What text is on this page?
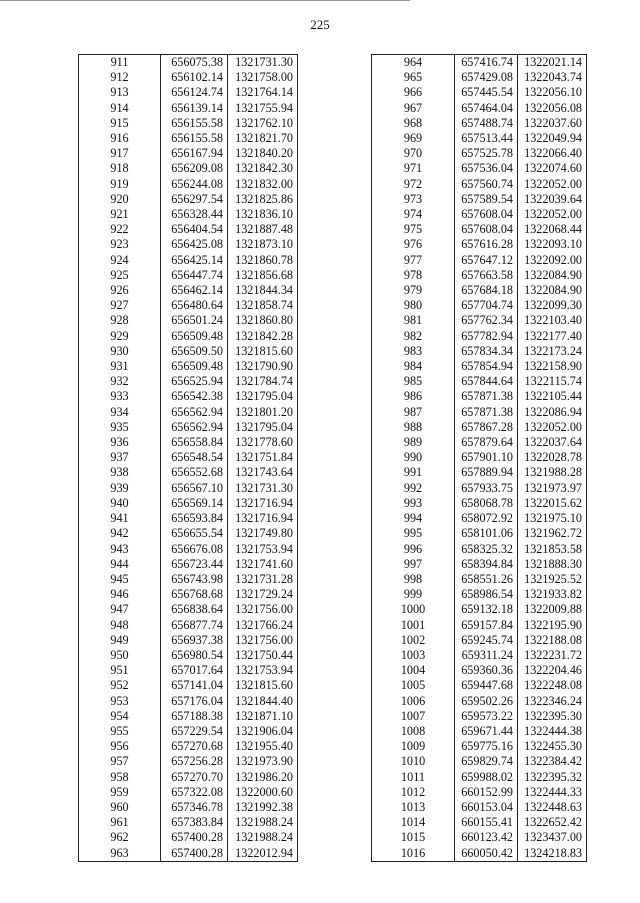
225
911	656075.38	1321731.30
912	656102.14	1321758.00
913	656124.74	1321764.14
914	656139.14	1321755.94
915	656155.58	1321762.10
916	656155.58	1321821.70
917	656167.94	1321840.20
918	656209.08	1321842.30
919	656244.08	1321832.00
920	656297.54	1321825.86
921	656328.44	1321836.10
922	656404.54	1321887.48
923	656425.08	1321873.10
924	656425.14	1321860.78
925	656447.74	1321856.68
926	656462.14	1321844.34
927	656480.64	1321858.74
928	656501.24	1321860.80
929	656509.48	1321842.28
930	656509.50	1321815.60
931	656509.48	1321790.90
932	656525.94	1321784.74
933	656542.38	1321795.04
934	656562.94	1321801.20
935	656562.94	1321795.04
936	656558.84	1321778.60
937	656548.54	1321751.84
938	656552.68	1321743.64
939	656567.10	1321731.30
940	656569.14	1321716.94
941	656593.84	1321716.94
942	656655.54	1321749.80
943	656676.08	1321753.94
944	656723.44	1321741.60
945	656743.98	1321731.28
946	656768.68	1321729.24
947	656838.64	1321756.00
948	656877.74	1321766.24
949	656937.38	1321756.00
950	656980.54	1321750.44
951	657017.64	1321753.94
952	657141.04	1321815.60
953	657176.04	1321844.40
954	657188.38	1321871.10
955	657229.54	1321906.04
956	657270.68	1321955.40
957	657256.28	1321973.90
958	657270.70	1321986.20
959	657322.08	1322000.60
960	657346.78	1321992.38
961	657383.84	1321988.24
962	657400.28	1321988.24
963	657400.28	1322012.94
964	657416.74	1322021.14
965	657429.08	1322043.74
966	657445.54	1322056.10
967	657464.04	1322056.08
968	657488.74	1322037.60
969	657513.44	1322049.94
970	657525.78	1322066.40
971	657536.04	1322074.60
972	657560.74	1322052.00
973	657589.54	1322039.64
974	657608.04	1322052.00
975	657608.04	1322068.44
976	657616.28	1322093.10
977	657647.12	1322092.00
978	657663.58	1322084.90
979	657684.18	1322084.90
980	657704.74	1322099.30
981	657762.34	1322103.40
982	657782.94	1322177.40
983	657834.34	1322173.24
984	657854.94	1322158.90
985	657844.64	1322115.74
986	657871.38	1322105.44
987	657871.38	1322086.94
988	657867.28	1322052.00
989	657879.64	1322037.64
990	657901.10	1322028.78
991	657889.94	1321988.28
992	657933.75	1321973.97
993	658068.78	1322015.62
994	658072.92	1321975.10
995	658101.06	1321962.72
996	658325.32	1321853.58
997	658394.84	1321888.30
998	658551.26	1321925.52
999	658986.54	1321933.82
1000	659132.18	1322009.88
1001	659157.84	1322195.90
1002	659245.74	1322188.08
1003	659311.24	1322231.72
1004	659360.36	1322204.46
1005	659447.68	1322248.08
1006	659502.26	1322346.24
1007	659573.22	1322395.30
1008	659671.44	1322444.38
1009	659775.16	1322455.30
1010	659829.74	1322384.42
1011	659988.02	1322395.32
1012	660152.99	1322444.33
1013	660153.04	1322448.63
1014	660155.41	1322652.42
1015	660123.42	1323437.00
1016	660050.42	1324218.83
